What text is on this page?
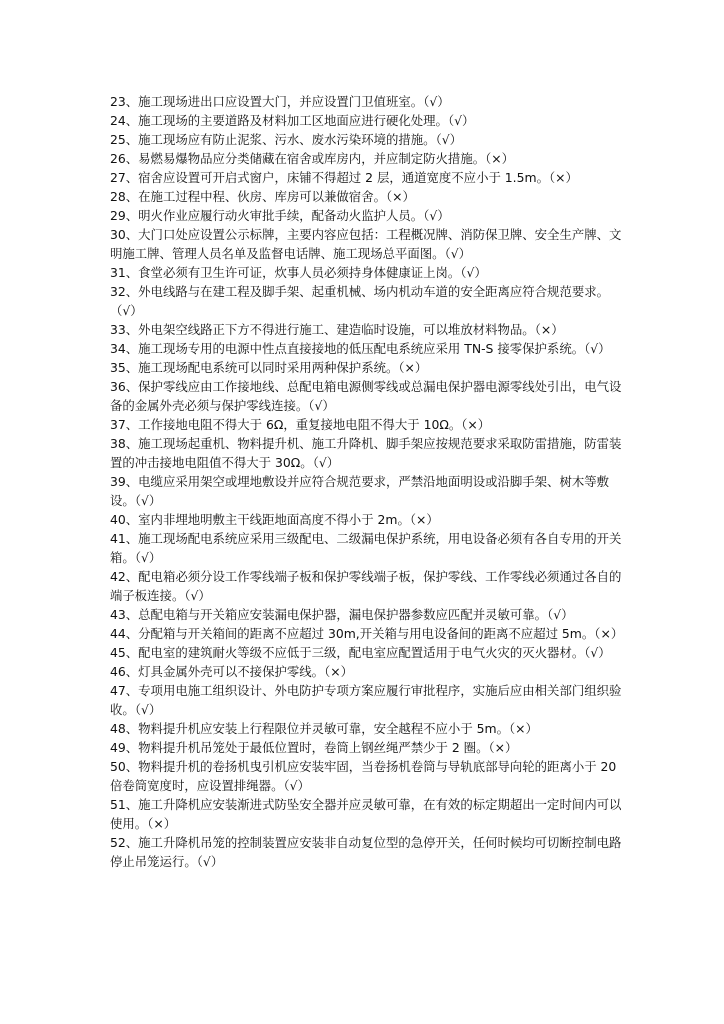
23、施工现场进出口应设置大门，并应设置门卫值班室。（√）

24、施工现场的主要道路及材料加工区地面应进行硬化处理。（√）

25、施工现场应有防止泥浆、污水、废水污染环境的措施。（√）

26、易燃易爆物品应分类储藏在宿舍或库房内，并应制定防火措施。（×）

27、宿舍应设置可开启式窗户，床铺不得超过 2 层，通道宽度不应小于 1.5m。（×）

28、在施工过程中程、伙房、库房可以兼做宿舍。（×）

29、明火作业应履行动火审批手续，配备动火监护人员。（√）

30、大门口处应设置公示标牌，主要内容应包括：工程概况牌、消防保卫牌、安全生产牌、文明施工牌、管理人员名单及监督电话牌、施工现场总平面图。（√）

31、食堂必须有卫生许可证，炊事人员必须持身体健康证上岗。（√）

32、外电线路与在建工程及脚手架、起重机械、场内机动车道的安全距离应符合规范要求。（√）

33、外电架空线路正下方不得进行施工、建造临时设施，可以堆放材料物品。（×）

34、施工现场专用的电源中性点直接接地的低压配电系统应采用 TN-S 接零保护系统。（√）

35、施工现场配电系统可以同时采用两种保护系统。（×）

36、保护零线应由工作接地线、总配电箱电源侧零线或总漏电保护器电源零线处引出，电气设备的金属外壳必须与保护零线连接。（√）

37、工作接地电阻不得大于 6Ω，重复接地电阻不得大于 10Ω。（×）

38、施工现场起重机、物料提升机、施工升降机、脚手架应按规范要求采取防雷措施，防雷装置的冲击接地电阻值不得大于 30Ω。（√）

39、电缆应采用架空或埋地敷设并应符合规范要求，严禁沿地面明设或沿脚手架、树木等敷设。（√）

40、室内非埋地明敷主干线距地面高度不得小于 2m。（×）

41、施工现场配电系统应采用三级配电、二级漏电保护系统，用电设备必须有各自专用的开关箱。（√）

42、配电箱必须分设工作零线端子板和保护零线端子板，保护零线、工作零线必须通过各自的端子板连接。（√）

43、总配电箱与开关箱应安装漏电保护器，漏电保护器参数应匹配并灵敏可靠。（√）

44、分配箱与开关箱间的距离不应超过 30m,开关箱与用电设备间的距离不应超过 5m。（×）

45、配电室的建筑耐火等级不应低于三级，配电室应配置适用于电气火灾的灭火器材。（√）

46、灯具金属外壳可以不接保护零线。（×）

47、专项用电施工组织设计、外电防护专项方案应履行审批程序，实施后应由相关部门组织验收。（√）

48、物料提升机应安装上行程限位并灵敏可靠，安全越程不应小于 5m。（×）

49、物料提升机吊笼处于最低位置时，卷筒上钢丝绳严禁少于 2 圈。（×）

50、物料提升机的卷扬机曳引机应安装牢固，当卷扬机卷筒与导轨底部导向轮的距离小于 20 倍卷筒宽度时，应设置排绳器。（√）

51、施工升降机应安装渐进式防坠安全器并应灵敏可靠，在有效的标定期超出一定时间内可以使用。（×）

52、施工升降机吊笼的控制装置应安装非自动复位型的急停开关，任何时候均可切断控制电路停止吊笼运行。（√）
